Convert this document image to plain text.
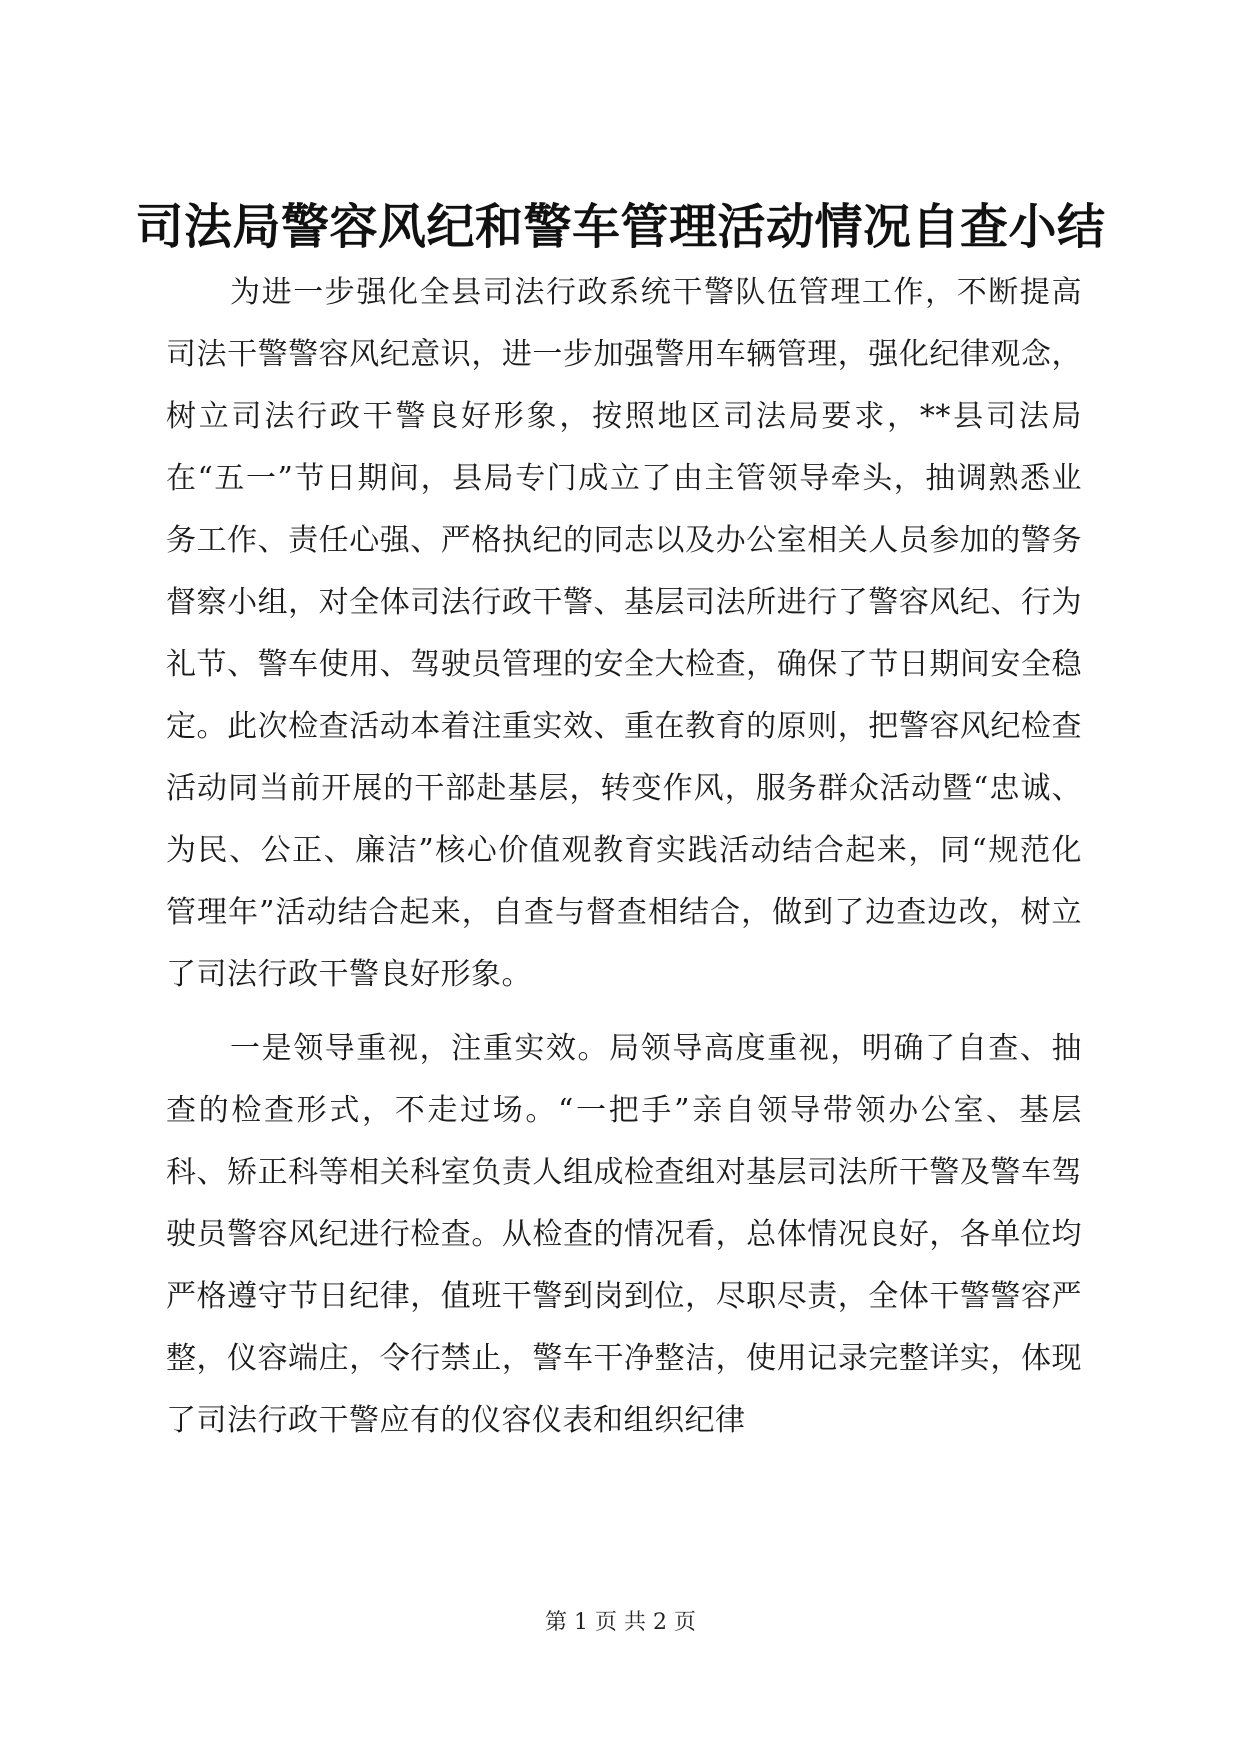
司法局警容风纪和警车管理活动情况自查小结

为进一步强化全县司法行政系统干警队伍管理工作，不断提高司法干警警容风纪意识，进一步加强警用车辆管理，强化纪律观念，树立司法行政干警良好形象，按照地区司法局要求，**县司法局在“五一”节日期间，县局专门成立了由主管领导牵头，抽调熟悉业务工作、责任心强、严格执纪的同志以及办公室相关人员参加的警务督察小组，对全体司法行政干警、基层司法所进行了警容风纪、行为礼节、警车使用、驾驶员管理的安全大检查，确保了节日期间安全稳定。此次检查活动本着注重实效、重在教育的原则，把警容风纪检查活动同当前开展的干部赴基层，转变作风，服务群众活动暨“忠诚、为民、公正、廉洁”核心价值观教育实践活动结合起来，同“规范化管理年”活动结合起来，自查与督查相结合，做到了边查边改，树立了司法行政干警良好形象。

一是领导重视，注重实效。局领导高度重视，明确了自查、抽查的检查形式，不走过场。“一把手”亲自领导带领办公室、基层科、矫正科等相关科室负责人组成检查组对基层司法所干警及警车驾驶员警容风纪进行检查。从检查的情况看，总体情况良好，各单位均严格遵守节日纪律，值班干警到岗到位，尽职尽责，全体干警警容严整，仪容端庄，令行禁止，警车干净整洁，使用记录完整详实，体现了司法行政干警应有的仪容仪表和组织纪律

第 1 页 共 2 页
